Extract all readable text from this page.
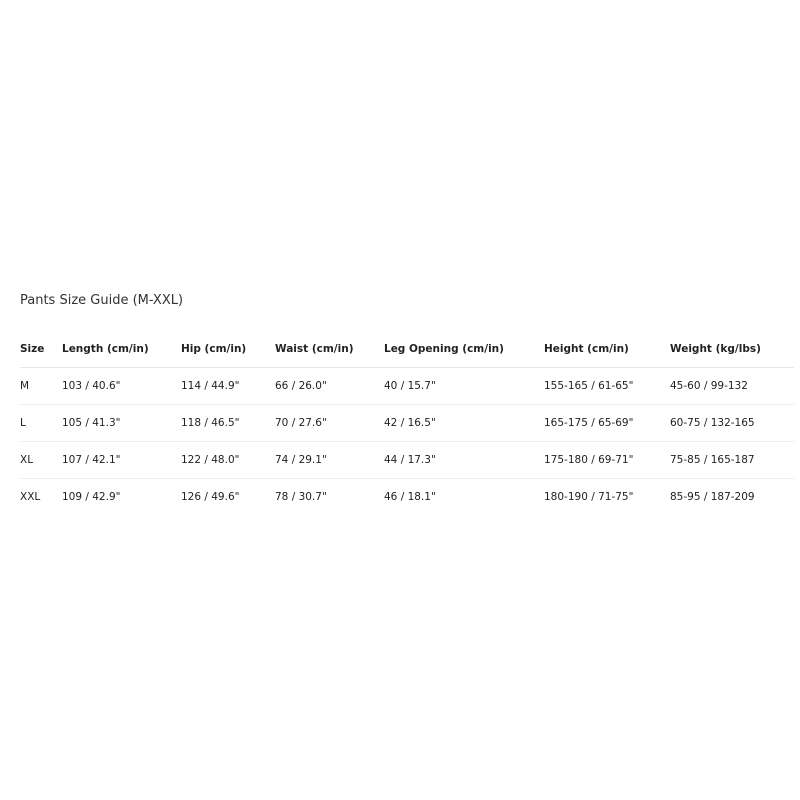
Pants Size Guide (M-XXL)
Size	Length (cm/in)	Hip (cm/in)	Waist (cm/in)	Leg Opening (cm/in)	Height (cm/in)	Weight (kg/lbs)
M	103 / 40.6"	114 / 44.9"	66 / 26.0"	40 / 15.7"	155-165 / 61-65"	45-60 / 99-132
L	105 / 41.3"	118 / 46.5"	70 / 27.6"	42 / 16.5"	165-175 / 65-69"	60-75 / 132-165
XL	107 / 42.1"	122 / 48.0"	74 / 29.1"	44 / 17.3"	175-180 / 69-71"	75-85 / 165-187
XXL	109 / 42.9"	126 / 49.6"	78 / 30.7"	46 / 18.1"	180-190 / 71-75"	85-95 / 187-209
